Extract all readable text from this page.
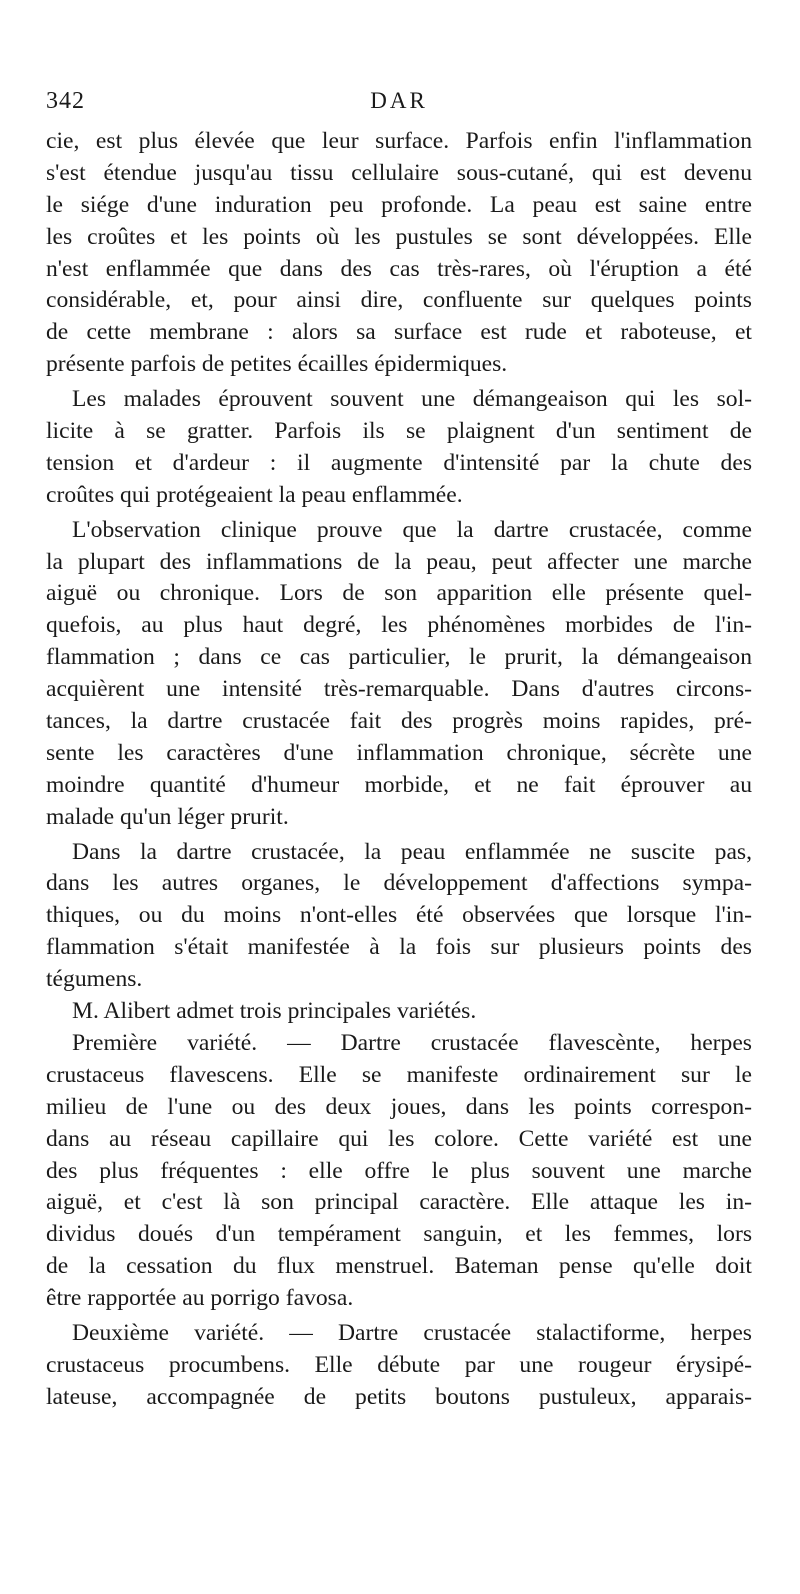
342	DAR
cie, est plus élevée que leur surface. Parfois enfin l'inflammation
s'est étendue jusqu'au tissu cellulaire sous-cutané, qui est devenu
le siége d'une induration peu profonde. La peau est saine entre
les croûtes et les points où les pustules se sont développées. Elle
n'est enflammée que dans des cas très-rares, où l'éruption a été
considérable, et, pour ainsi dire, confluente sur quelques points
de cette membrane : alors sa surface est rude et raboteuse, et
présente parfois de petites écailles épidermiques.
Les malades éprouvent souvent une démangeaison qui les sol-
licite à se gratter. Parfois ils se plaignent d'un sentiment de
tension et d'ardeur : il augmente d'intensité par la chute des
croûtes qui protégeaient la peau enflammée.
L'observation clinique prouve que la dartre crustacée, comme
la plupart des inflammations de la peau, peut affecter une marche
aiguë ou chronique. Lors de son apparition elle présente quel-
quefois, au plus haut degré, les phénomènes morbides de l'in-
flammation ; dans ce cas particulier, le prurit, la démangeaison
acquièrent une intensité très-remarquable. Dans d'autres circons-
tances, la dartre crustacée fait des progrès moins rapides, pré-
sente les caractères d'une inflammation chronique, sécrète une
moindre quantité d'humeur morbide, et ne fait éprouver au
malade qu'un léger prurit.
Dans la dartre crustacée, la peau enflammée ne suscite pas,
dans les autres organes, le développement d'affections sympa-
thiques, ou du moins n'ont-elles été observées que lorsque l'in-
flammation s'était manifestée à la fois sur plusieurs points des
tégumens.
M. Alibert admet trois principales variétés.
Première variété. — Dartre crustacée flavescènte, herpes
crustaceus flavescens. Elle se manifeste ordinairement sur le
milieu de l'une ou des deux joues, dans les points correspon-
dans au réseau capillaire qui les colore. Cette variété est une
des plus fréquentes : elle offre le plus souvent une marche
aiguë, et c'est là son principal caractère. Elle attaque les in-
dividus doués d'un tempérament sanguin, et les femmes, lors
de la cessation du flux menstruel. Bateman pense qu'elle doit
être rapportée au porrigo favosa.
Deuxième variété. — Dartre crustacée stalactiforme, herpes
crustaceus procumbens. Elle débute par une rougeur érysipé-
lateuse, accompagnée de petits boutons pustuleux, apparais-
